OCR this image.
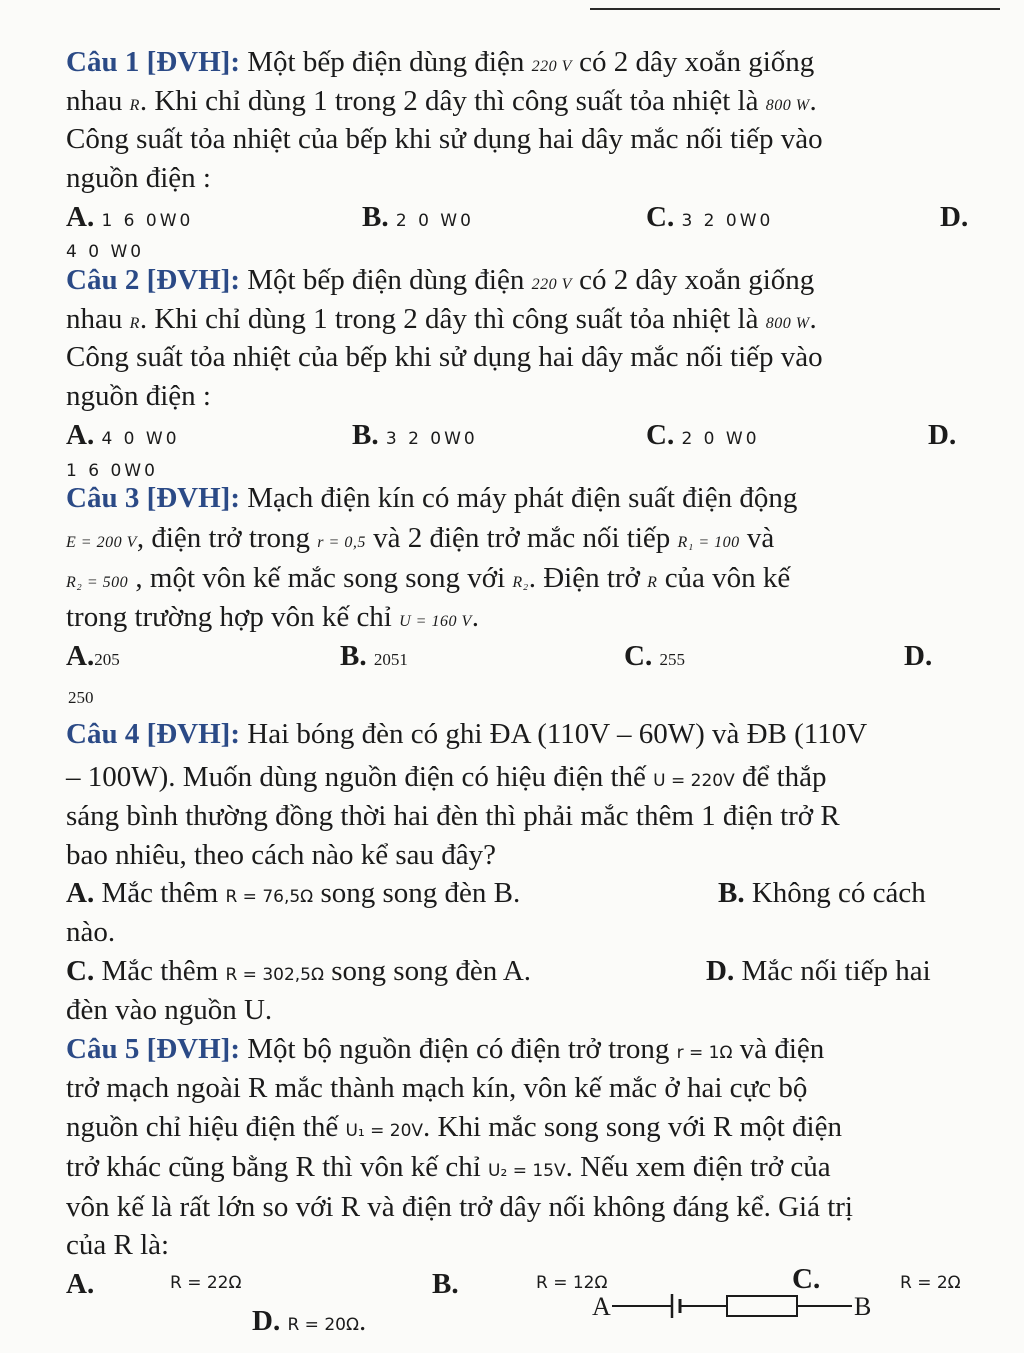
Câu 1 [ĐVH]: Một bếp điện dùng điện 220 V có 2 dây xoắn giống
nhau R. Khi chỉ dùng 1 trong 2 dây thì công suất tỏa nhiệt là 800 W.
Công suất tỏa nhiệt của bếp khi sử dụng hai dây mắc nối tiếp vào
nguồn điện :
A. 1 6 0W0	B. 2 0 W0	C. 3 2 0W0	D.
4 0 W0
Câu 2 [ĐVH]: Một bếp điện dùng điện 220 V có 2 dây xoắn giống
nhau R. Khi chỉ dùng 1 trong 2 dây thì công suất tỏa nhiệt là 800 W.
Công suất tỏa nhiệt của bếp khi sử dụng hai dây mắc nối tiếp vào
nguồn điện :
A. 4 0 W0	B. 3 2 0W0	C. 2 0 W0	D.
1 6 0W0
Câu 3 [ĐVH]: Mạch điện kín có máy phát điện suất điện động
E = 200 V, điện trở trong r = 0,5 và 2 điện trở mắc nối tiếp R₁ = 100 và
R₂ = 500 , một vôn kế mắc song song với R₂. Điện trở R của vôn kế
trong trường hợp vôn kế chỉ U = 160 V.
A.205	B. 2051	C. 255	D.
250
Câu 4 [ĐVH]: Hai bóng đèn có ghi ĐA (110V – 60W) và ĐB (110V
– 100W). Muốn dùng nguồn điện có hiệu điện thế U = 220V để thắp
sáng bình thường đồng thời hai đèn thì phải mắc thêm 1 điện trở R
bao nhiêu, theo cách nào kể sau đây?
A. Mắc thêm R = 76,5Ω song song đèn B.	B. Không có cách
nào.
C. Mắc thêm R = 302,5Ω song song đèn A.	D. Mắc nối tiếp hai
đèn vào nguồn U.
Câu 5 [ĐVH]: Một bộ nguồn điện có điện trở trong r = 1Ω và điện
trở mạch ngoài R mắc thành mạch kín, vôn kế mắc ở hai cực bộ
nguồn chỉ hiệu điện thế U₁ = 20V. Khi mắc song song với R một điện
trở khác cũng bằng R thì vôn kế chỉ U₂ = 15V. Nếu xem điện trở của
vôn kế là rất lớn so với R và điện trở dây nối không đáng kể. Giá trị
của R là:
A.	R = 22Ω	B.	R = 12Ω	C.	R = 2Ω
D. R = 20Ω.	A	B
